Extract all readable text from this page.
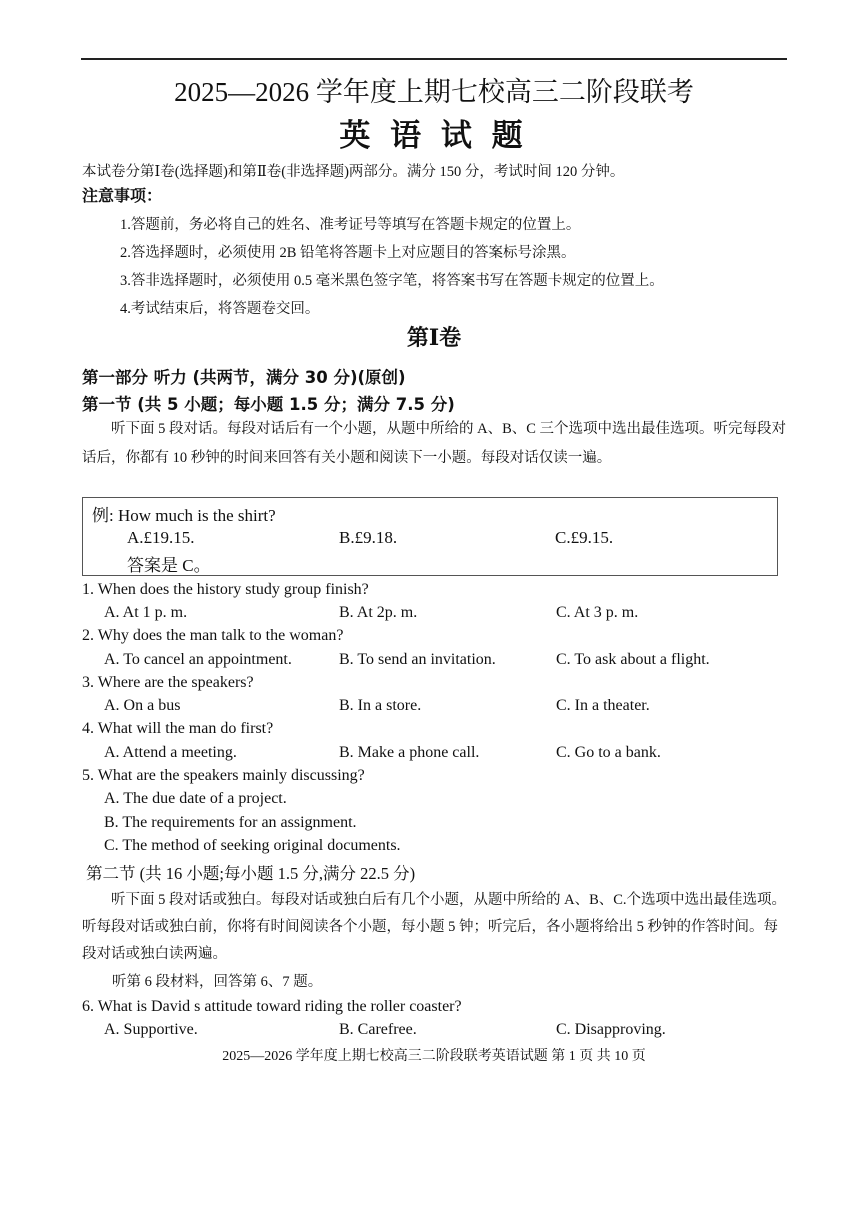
2025—2026 学年度上期七校高三二阶段联考
英 语 试 题
本试卷分第Ⅰ卷(选择题)和第Ⅱ卷(非选择题)两部分。满分 150 分，考试时间 120 分钟。
注意事项：
1.答题前，务必将自己的姓名、准考证号等填写在答题卡规定的位置上。
2.答选择题时，必须使用 2B 铅笔将答题卡上对应题目的答案标号涂黑。
3.答非选择题时，必须使用 0.5 毫米黑色签字笔，将答案书写在答题卡规定的位置上。
4.考试结束后，将答题卷交回。
第Ⅰ卷
第一部分 听力 (共两节，满分 30 分)(原创)
第一节 (共 5 小题；每小题 1.5 分；满分 7.5 分)
听下面 5 段对话。每段对话后有一个小题，从题中所给的 A、B、C 三个选项中选出最佳选项。听完每段对话后，你都有 10 秒钟的时间来回答有关小题和阅读下一小题。每段对话仅读一遍。
例: How much is the shirt?
A.£19.15.	B.£9.18.	C.£9.15.
答案是 C。
1. When does the history study group finish?
A. At 1 p. m.	B. At 2p. m.	C. At 3 p. m.
2. Why does the man talk to the woman?
A. To cancel an appointment.	B. To send an invitation.	C. To ask about a flight.
3. Where are the speakers?
A. On a bus	B. In a store.	C. In a theater.
4. What will the man do first?
A. Attend a meeting.	B. Make a phone call.	C. Go to a bank.
5. What are the speakers mainly discussing?
A. The due date of a project.
B. The requirements for an assignment.
C. The method of seeking original documents.
第二节 (共 16 小题;每小题 1.5 分,满分 22.5 分)
听下面 5 段对话或独白。每段对话或独白后有几个小题，从题中所给的 A、B、C.个选项中选出最佳选项。听每段对话或独白前，你将有时间阅读各个小题，每小题 5 钟；听完后，各小题将给出 5 秒钟的作答时间。每段对话或独白读两遍。
听第 6 段材料，回答第 6、7 题。
6. What is David s attitude toward riding the roller coaster?
A. Supportive.	B. Carefree.	C. Disapproving.
2025—2026 学年度上期七校高三二阶段联考英语试题 第 1 页 共 10 页
